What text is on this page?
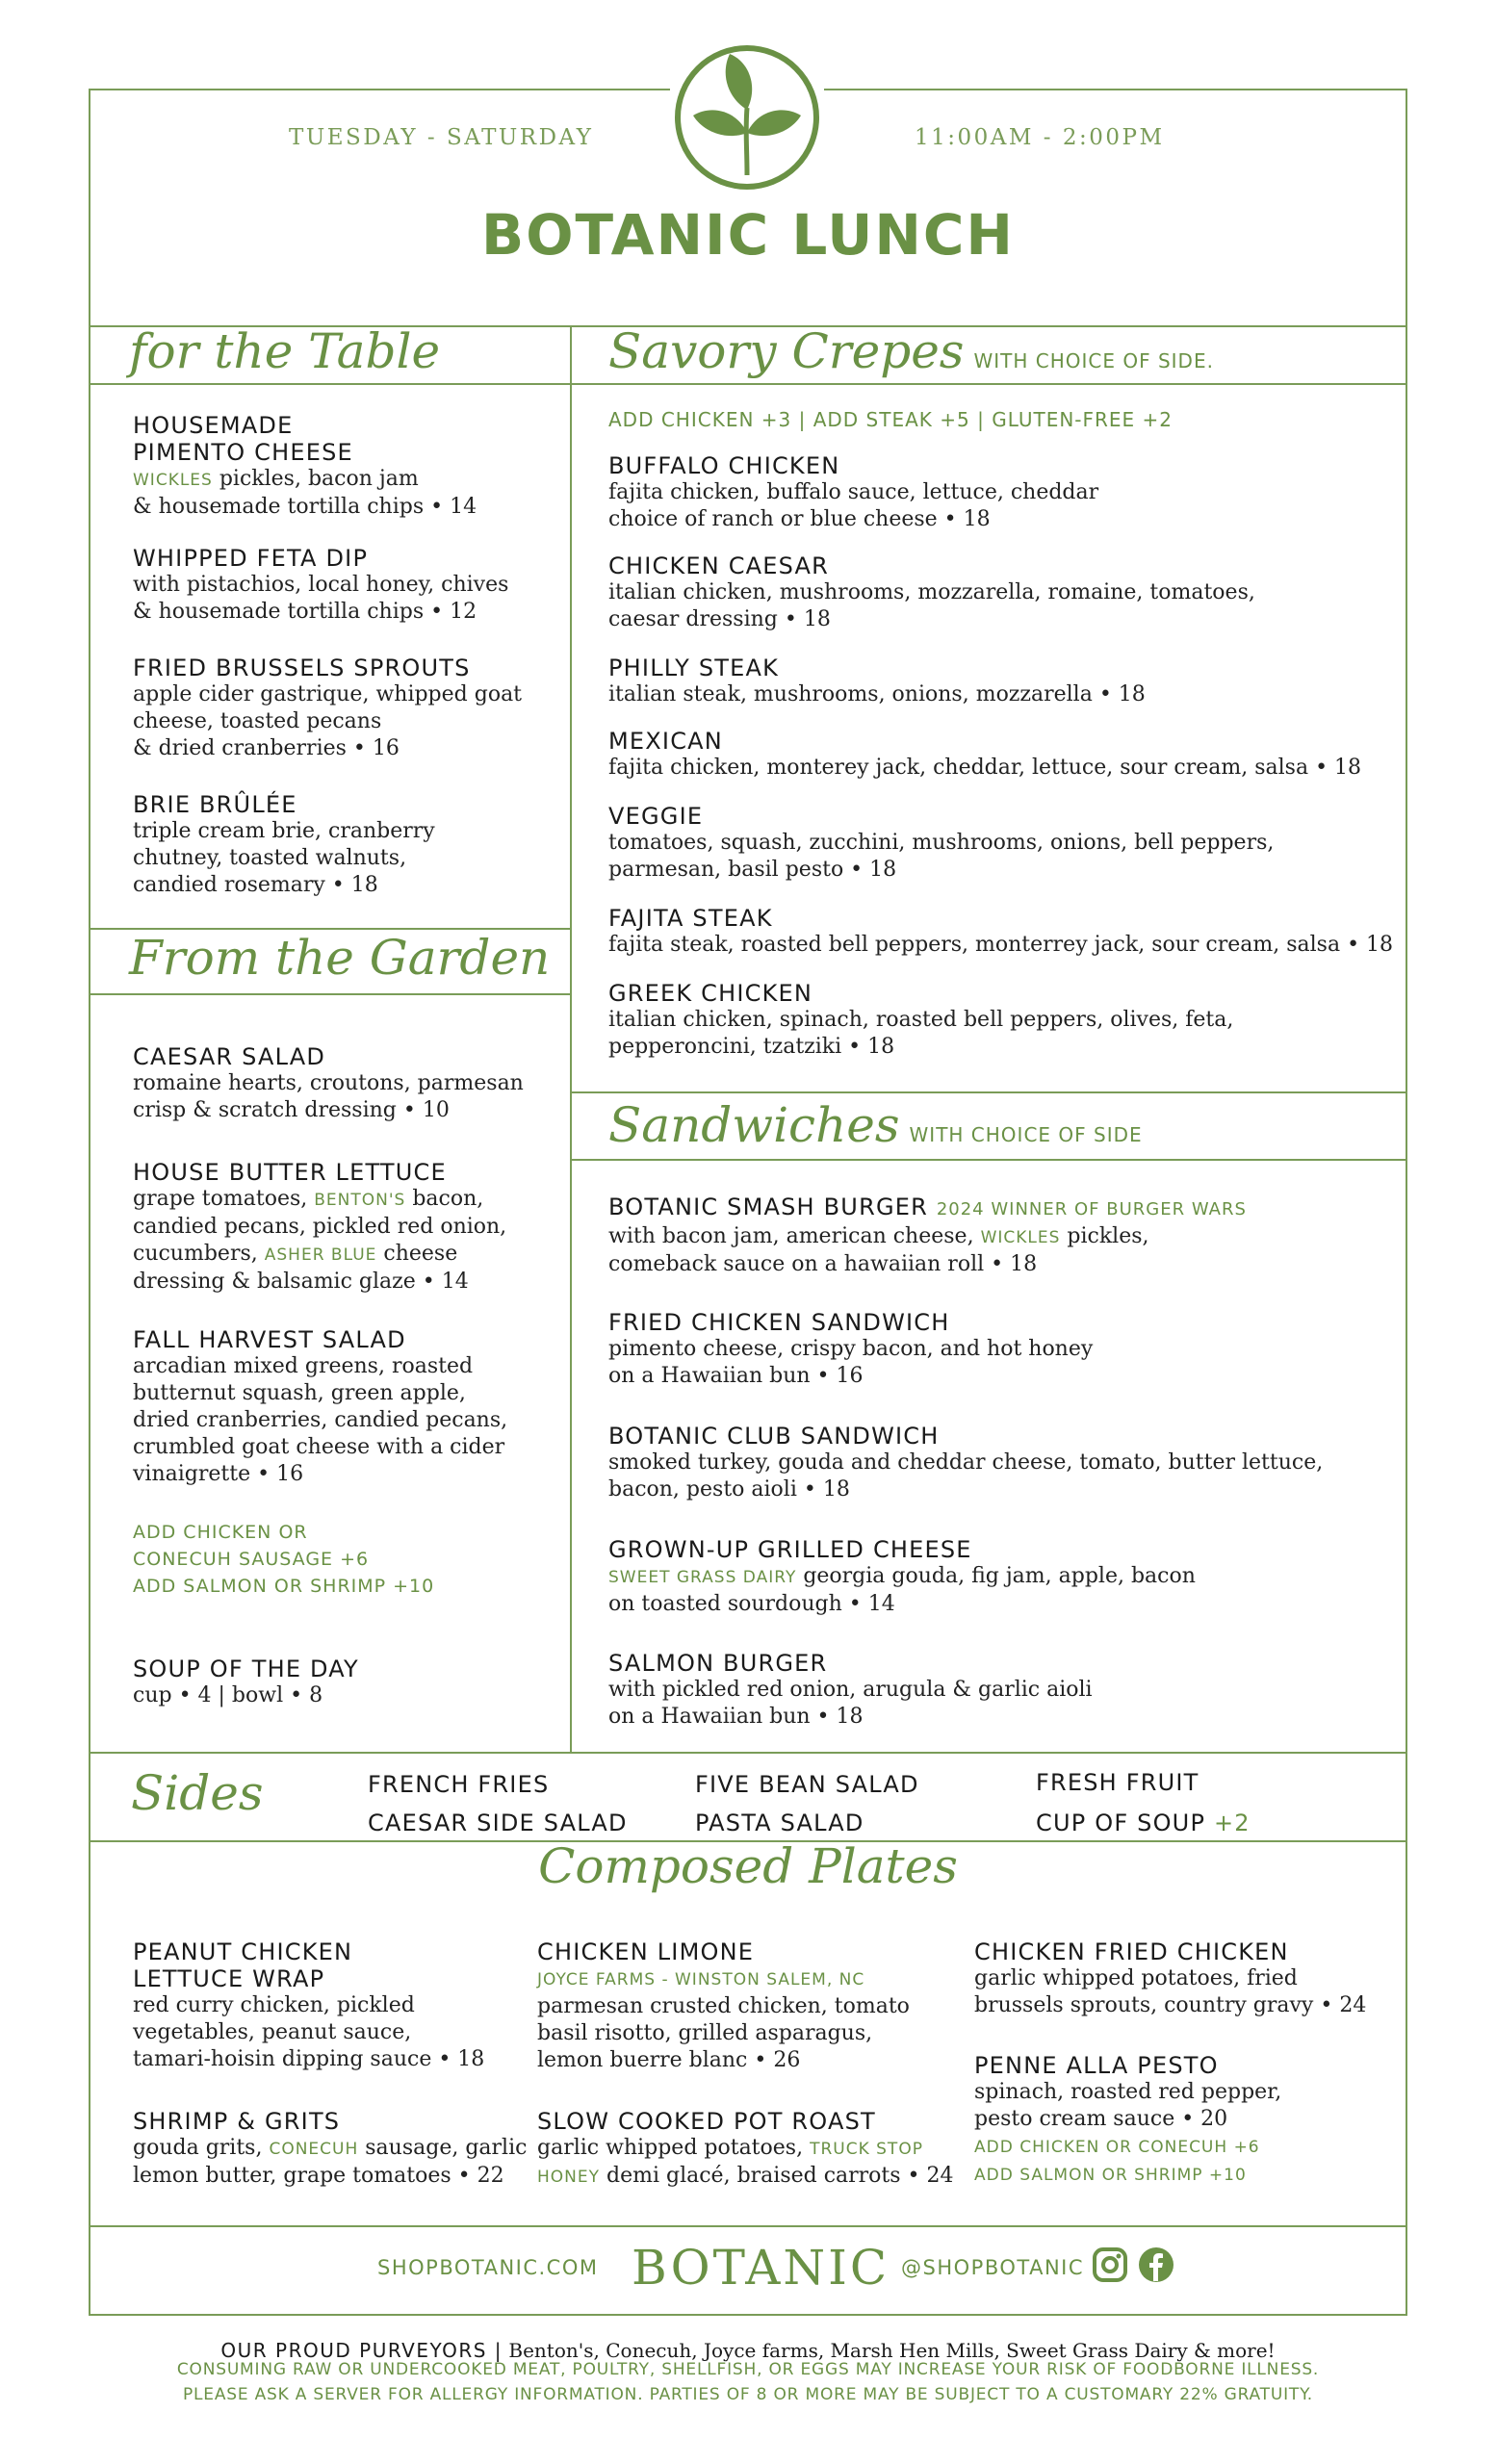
TUESDAY - SATURDAY	11:00AM - 2:00PM
BOTANIC LUNCH
for the Table
HOUSEMADE
PIMENTO CHEESE
WICKLES pickles, bacon jam
& housemade tortilla chips • 14
WHIPPED FETA DIP
with pistachios, local honey, chives
& housemade tortilla chips • 12
FRIED BRUSSELS SPROUTS
apple cider gastrique, whipped goat
cheese, toasted pecans
& dried cranberries • 16
BRIE BRÛLÉE
triple cream brie, cranberry
chutney, toasted walnuts,
candied rosemary • 18
From the Garden
CAESAR SALAD
romaine hearts, croutons, parmesan
crisp & scratch dressing • 10
HOUSE BUTTER LETTUCE
grape tomatoes, BENTON'S bacon,
candied pecans, pickled red onion,
cucumbers, ASHER BLUE cheese
dressing & balsamic glaze • 14
FALL HARVEST SALAD
arcadian mixed greens, roasted
butternut squash, green apple,
dried cranberries, candied pecans,
crumbled goat cheese with a cider
vinaigrette • 16
ADD CHICKEN OR
CONECUH SAUSAGE +6
ADD SALMON OR SHRIMP +10
SOUP OF THE DAY
cup • 4 | bowl • 8
Savory Crepes WITH CHOICE OF SIDE.
ADD CHICKEN +3 | ADD STEAK +5 | GLUTEN-FREE +2
BUFFALO CHICKEN
fajita chicken, buffalo sauce, lettuce, cheddar
choice of ranch or blue cheese • 18
CHICKEN CAESAR
italian chicken, mushrooms, mozzarella, romaine, tomatoes,
caesar dressing • 18
PHILLY STEAK
italian steak, mushrooms, onions, mozzarella • 18
MEXICAN
fajita chicken, monterey jack, cheddar, lettuce, sour cream, salsa • 18
VEGGIE
tomatoes, squash, zucchini, mushrooms, onions, bell peppers,
parmesan, basil pesto • 18
FAJITA STEAK
fajita steak, roasted bell peppers, monterrey jack, sour cream, salsa • 18
GREEK CHICKEN
italian chicken, spinach, roasted bell peppers, olives, feta,
pepperoncini, tzatziki • 18
Sandwiches WITH CHOICE OF SIDE
BOTANIC SMASH BURGER 2024 WINNER OF BURGER WARS
with bacon jam, american cheese, WICKLES pickles,
comeback sauce on a hawaiian roll • 18
FRIED CHICKEN SANDWICH
pimento cheese, crispy bacon, and hot honey
on a Hawaiian bun • 16
BOTANIC CLUB SANDWICH
smoked turkey, gouda and cheddar cheese, tomato, butter lettuce,
bacon, pesto aioli • 18
GROWN-UP GRILLED CHEESE
SWEET GRASS DAIRY georgia gouda, fig jam, apple, bacon
on toasted sourdough • 14
SALMON BURGER
with pickled red onion, arugula & garlic aioli
on a Hawaiian bun • 18
Sides	FRENCH FRIES
CAESAR SIDE SALAD
FIVE BEAN SALAD
PASTA SALAD
FRESH FRUIT
CUP OF SOUP +2
Composed Plates
PEANUT CHICKEN
LETTUCE WRAP
red curry chicken, pickled
vegetables, peanut sauce,
tamari-hoisin dipping sauce • 18
SHRIMP & GRITS
gouda grits, CONECUH sausage, garlic
lemon butter, grape tomatoes • 22
CHICKEN LIMONE
JOYCE FARMS - WINSTON SALEM, NC
parmesan crusted chicken, tomato
basil risotto, grilled asparagus,
lemon buerre blanc • 26
SLOW COOKED POT ROAST
garlic whipped potatoes, TRUCK STOP
HONEY demi glacé, braised carrots • 24
CHICKEN FRIED CHICKEN
garlic whipped potatoes, fried
brussels sprouts, country gravy • 24
PENNE ALLA PESTO
spinach, roasted red pepper,
pesto cream sauce • 20
ADD CHICKEN OR CONECUH +6
ADD SALMON OR SHRIMP +10
SHOPBOTANIC.COM BOTANIC @SHOPBOTANIC
OUR PROUD PURVEYORS | Benton's, Conecuh, Joyce farms, Marsh Hen Mills, Sweet Grass Dairy & more!
CONSUMING RAW OR UNDERCOOKED MEAT, POULTRY, SHELLFISH, OR EGGS MAY INCREASE YOUR RISK OF FOODBORNE ILLNESS.
PLEASE ASK A SERVER FOR ALLERGY INFORMATION. PARTIES OF 8 OR MORE MAY BE SUBJECT TO A CUSTOMARY 22% GRATUITY.
